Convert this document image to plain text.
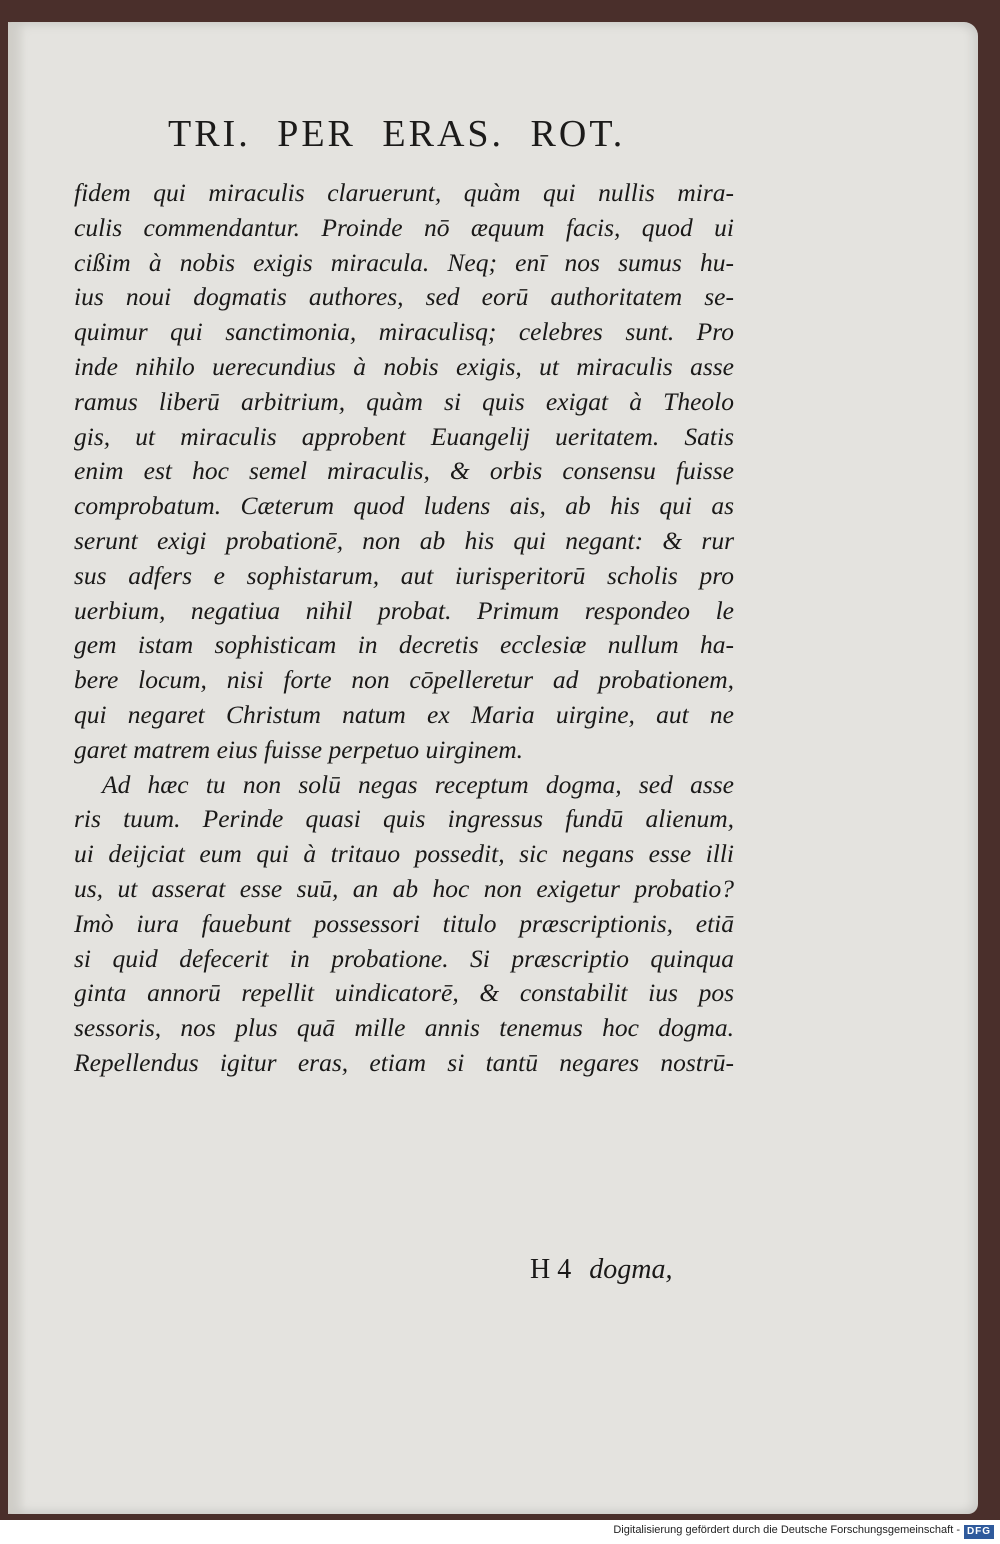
TRI. PER ERAS. ROT.
fidem qui miraculis claruerunt, quàm qui nullis mira-
culis commendantur. Proinde nō æquum facis, quod ui
cißim à nobis exigis miracula. Neq; enī nos sumus hu-
ius noui dogmatis authores, sed eorū authoritatem se-
quimur qui sanctimonia, miraculisq; celebres sunt. Pro
inde nihilo uerecundius à nobis exigis, ut miraculis asse
ramus liberū arbitrium, quàm si quis exigat à Theolo
gis, ut miraculis approbent Euangelij ueritatem. Satis
enim est hoc semel miraculis, & orbis consensu fuisse
comprobatum. Cæterum quod ludens ais, ab his qui as
serunt exigi probationē, non ab his qui negant: & rur
sus adfers e sophistarum, aut iurisperitorū scholis pro
uerbium, negatiua nihil probat. Primum respondeo le
gem istam sophisticam in decretis ecclesiæ nullum ha-
bere locum, nisi forte non cōpelleretur ad probationem,
qui negaret Christum natum ex Maria uirgine, aut ne
garet matrem eius fuisse perpetuo uirginem.
Ad hæc tu non solū negas receptum dogma, sed asse
ris tuum. Perinde quasi quis ingressus fundū alienum,
ui deijciat eum qui à tritauo possedit, sic negans esse illi
us, ut asserat esse suū, an ab hoc non exigetur probatio?
Imò iura fauebunt possessori titulo præscriptionis, etiā
si quid defecerit in probatione. Si præscriptio quinqua
ginta annorū repellit uindicatorē, & constabilit ius pos
sessoris, nos plus quā mille annis tenemus hoc dogma.
Repellendus igitur eras, etiam si tantū negares nostrū-
H 4 dogma,
Digitalisierung gefördert durch die Deutsche Forschungsgemeinschaft - DFG
